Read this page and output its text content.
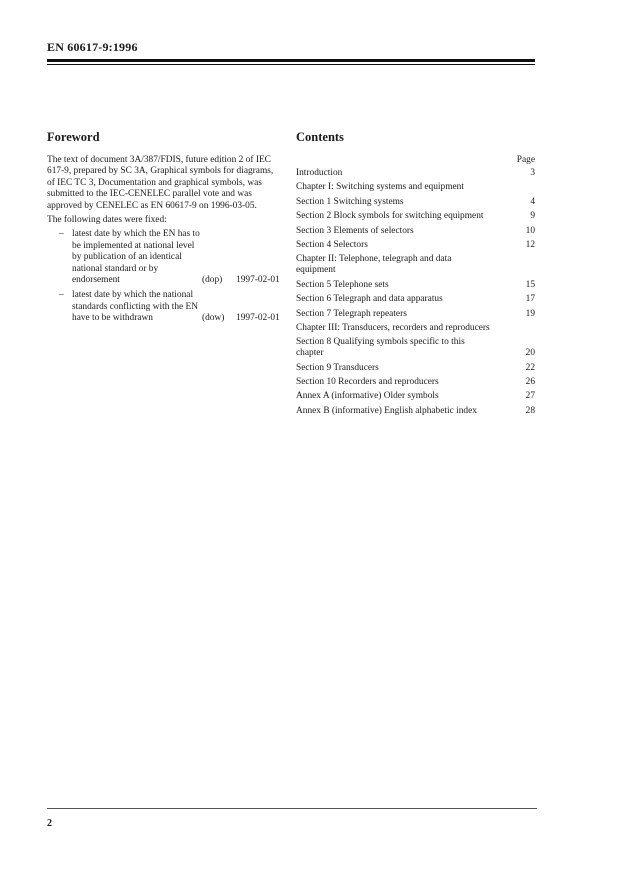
EN 60617-9:1996
Foreword	Contents

The text of document 3A/387/FDIS, future edition 2 of IEC 617-9, prepared by SC 3A, Graphical symbols for diagrams, of IEC TC 3, Documentation and graphical symbols, was submitted to the IEC-CENELEC parallel vote and was approved by CENELEC as EN 60617-9 on 1996-03-05.

The following dates were fixed:

– latest date by which the EN has to be implemented at national level by publication of an identical national standard or by endorsement	(dop)	1997-02-01
– latest date by which the national standards conflicting with the EN have to be withdrawn	(dow)	1997-02-01
Page
Introduction	3
Chapter I: Switching systems and equipment
Section 1 Switching systems	4
Section 2 Block symbols for switching equipment	9
Section 3 Elements of selectors	10
Section 4 Selectors	12
Chapter II: Telephone, telegraph and data equipment
Section 5 Telephone sets	15
Section 6 Telegraph and data apparatus	17
Section 7 Telegraph repeaters	19
Chapter III: Transducers, recorders and reproducers
Section 8 Qualifying symbols specific to this chapter	20
Section 9 Transducers	22
Section 10 Recorders and reproducers	26
Annex A (informative) Older symbols	27
Annex B (informative) English alphabetic index	28
2
